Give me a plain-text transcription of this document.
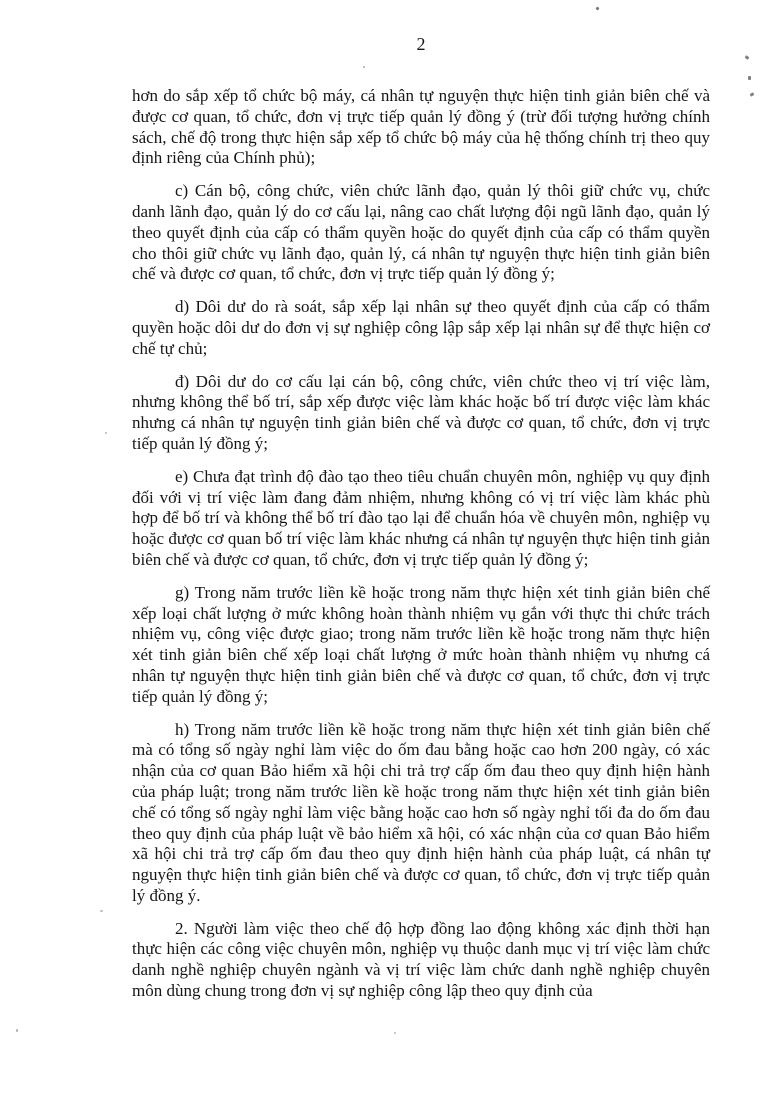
2

hơn do sắp xếp tổ chức bộ máy, cá nhân tự nguyện thực hiện tinh giản biên chế và được cơ quan, tổ chức, đơn vị trực tiếp quản lý đồng ý (trừ đối tượng hưởng chính sách, chế độ trong thực hiện sắp xếp tổ chức bộ máy của hệ thống chính trị theo quy định riêng của Chính phủ);

c) Cán bộ, công chức, viên chức lãnh đạo, quản lý thôi giữ chức vụ, chức danh lãnh đạo, quản lý do cơ cấu lại, nâng cao chất lượng đội ngũ lãnh đạo, quản lý theo quyết định của cấp có thẩm quyền hoặc do quyết định của cấp có thẩm quyền cho thôi giữ chức vụ lãnh đạo, quản lý, cá nhân tự nguyện thực hiện tinh giản biên chế và được cơ quan, tổ chức, đơn vị trực tiếp quản lý đồng ý;

d) Dôi dư do rà soát, sắp xếp lại nhân sự theo quyết định của cấp có thẩm quyền hoặc dôi dư do đơn vị sự nghiệp công lập sắp xếp lại nhân sự để thực hiện cơ chế tự chủ;

đ) Dôi dư do cơ cấu lại cán bộ, công chức, viên chức theo vị trí việc làm, nhưng không thể bố trí, sắp xếp được việc làm khác hoặc bố trí được việc làm khác nhưng cá nhân tự nguyện tinh giản biên chế và được cơ quan, tổ chức, đơn vị trực tiếp quản lý đồng ý;

e) Chưa đạt trình độ đào tạo theo tiêu chuẩn chuyên môn, nghiệp vụ quy định đối với vị trí việc làm đang đảm nhiệm, nhưng không có vị trí việc làm khác phù hợp để bố trí và không thể bố trí đào tạo lại để chuẩn hóa về chuyên môn, nghiệp vụ hoặc được cơ quan bố trí việc làm khác nhưng cá nhân tự nguyện thực hiện tinh giản biên chế và được cơ quan, tổ chức, đơn vị trực tiếp quản lý đồng ý;

g) Trong năm trước liền kề hoặc trong năm thực hiện xét tinh giản biên chế xếp loại chất lượng ở mức không hoàn thành nhiệm vụ gắn với thực thi chức trách nhiệm vụ, công việc được giao; trong năm trước liền kề hoặc trong năm thực hiện xét tinh giản biên chế xếp loại chất lượng ở mức hoàn thành nhiệm vụ nhưng cá nhân tự nguyện thực hiện tinh giản biên chế và được cơ quan, tổ chức, đơn vị trực tiếp quản lý đồng ý;

h) Trong năm trước liền kề hoặc trong năm thực hiện xét tinh giản biên chế mà có tổng số ngày nghỉ làm việc do ốm đau bằng hoặc cao hơn 200 ngày, có xác nhận của cơ quan Bảo hiểm xã hội chi trả trợ cấp ốm đau theo quy định hiện hành của pháp luật; trong năm trước liền kề hoặc trong năm thực hiện xét tinh giản biên chế có tổng số ngày nghỉ làm việc bằng hoặc cao hơn số ngày nghỉ tối đa do ốm đau theo quy định của pháp luật về bảo hiểm xã hội, có xác nhận của cơ quan Bảo hiểm xã hội chi trả trợ cấp ốm đau theo quy định hiện hành của pháp luật, cá nhân tự nguyện thực hiện tinh giản biên chế và được cơ quan, tổ chức, đơn vị trực tiếp quản lý đồng ý.

2. Người làm việc theo chế độ hợp đồng lao động không xác định thời hạn thực hiện các công việc chuyên môn, nghiệp vụ thuộc danh mục vị trí việc làm chức danh nghề nghiệp chuyên ngành và vị trí việc làm chức danh nghề nghiệp chuyên môn dùng chung trong đơn vị sự nghiệp công lập theo quy định của
